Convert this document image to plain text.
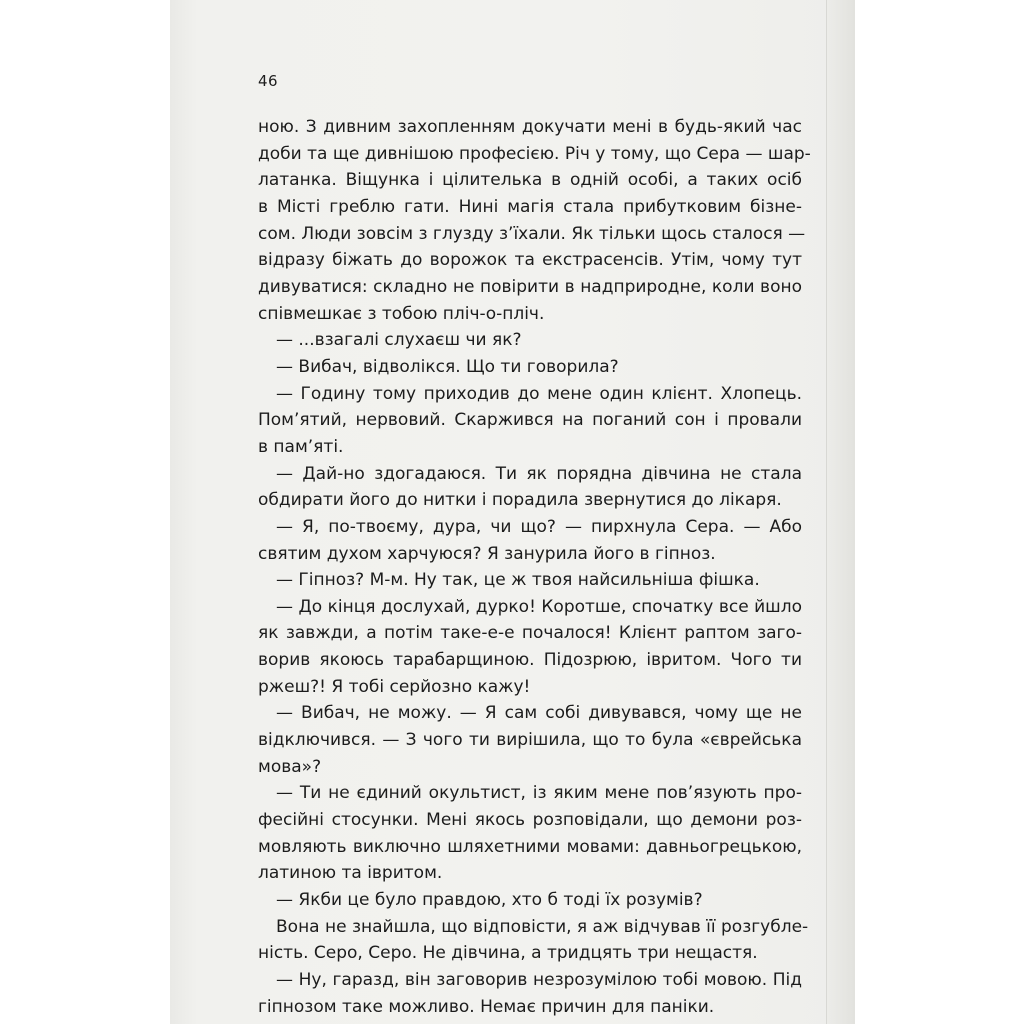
46
ною. З дивним захопленням докучати мені в будь-який час
доби та ще дивнішою професією. Річ у тому, що Сера — шар-
латанка. Віщунка і цілителька в одній особі, а таких осіб
в Місті греблю гати. Нині магія стала прибутковим бізне-
сом. Люди зовсім з глузду з’їхали. Як тільки щось сталося —
відразу біжать до ворожок та екстрасенсів. Утім, чому тут
дивуватися: складно не повірити в надприродне, коли воно
співмешкає з тобою пліч-о-пліч.
— ...взагалі слухаєш чи як?
— Вибач, відволікся. Що ти говорила?
— Годину тому приходив до мене один клієнт. Хлопець.
Пом’ятий, нервовий. Скаржився на поганий сон і провали
в пам’яті.
— Дай-но здогадаюся. Ти як порядна дівчина не стала
обдирати його до нитки і порадила звернутися до лікаря.
— Я, по-твоєму, дура, чи що? — пирхнула Сера. — Або
святим духом харчуюся? Я занурила його в гіпноз.
— Гіпноз? М-м. Ну так, це ж твоя найсильніша фішка.
— До кінця дослухай, дурко! Коротше, спочатку все йшло
як завжди, а потім таке-е-е почалося! Клієнт раптом заго-
ворив якоюсь тарабарщиною. Підозрюю, івритом. Чого ти
ржеш?! Я тобі серйозно кажу!
— Вибач, не можу. — Я сам собі дивувався, чому ще не
відключився. — З чого ти вирішила, що то була «єврейська
мова»?
— Ти не єдиний окультист, із яким мене пов’язують про-
фесійні стосунки. Мені якось розповідали, що демони роз-
мовляють виключно шляхетними мовами: давньогрецькою,
латиною та івритом.
— Якби це було правдою, хто б тоді їх розумів?
Вона не знайшла, що відповісти, я аж відчував її розгубле-
ність. Серо, Серо. Не дівчина, а тридцять три нещастя.
— Ну, гаразд, він заговорив незрозумілою тобі мовою. Під
гіпнозом таке можливо. Немає причин для паніки.
